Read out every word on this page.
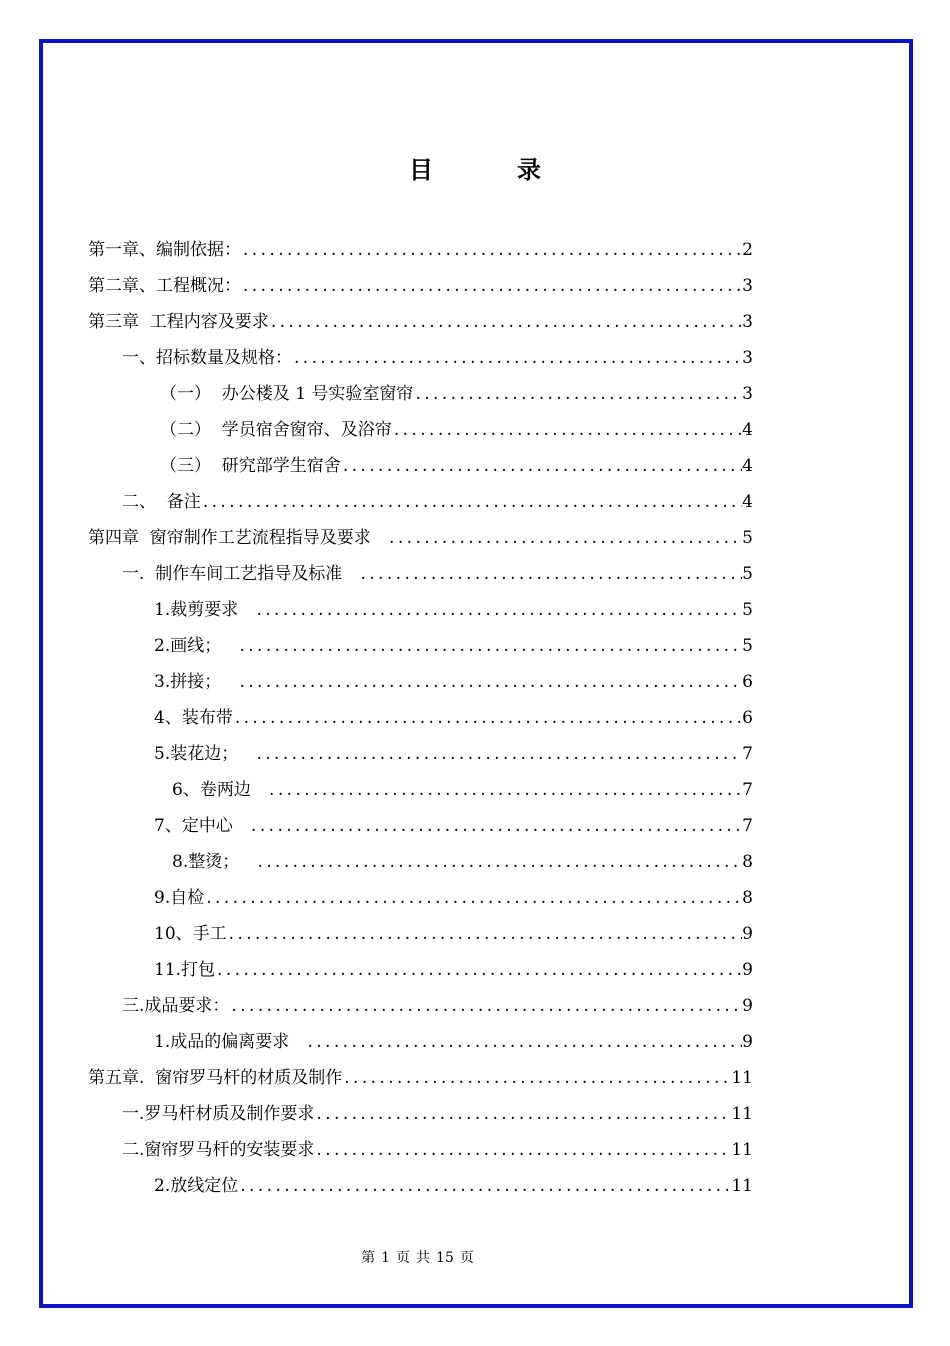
目　录
第一章、编制依据： .....	2
第二章、工程概况： .....	3
第三章  工程内容及要求 .....	3
一、招标数量及规格： .....	3
（一）  办公楼及 1 号实验室窗帘 .....	3
（二）  学员宿舍窗帘、及浴帘 .....	4
（三）  研究部学生宿舍 .....	4
二、  备注 .....	4
第四章  窗帘制作工艺流程指导及要求 .....	5
一.  制作车间工艺指导及标准 .....	5
1.裁剪要求 .....	5
2.画线； .....	5
3.拼接； .....	6
4、装布带 .....	6
5.装花边； .....	7
6、卷两边 .....	7
7、定中心 .....	7
8.整烫； .....	8
9.自检 .....	8
10、手工 .....	9
11.打包 .....	9
三.成品要求： .....	9
1.成品的偏离要求 .....	9
第五章.  窗帘罗马杆的材质及制作 .....	11
一.罗马杆材质及制作要求 .....	11
二.窗帘罗马杆的安装要求 .....	11
2.放线定位 .....	11
第 1 页 共 15 页
